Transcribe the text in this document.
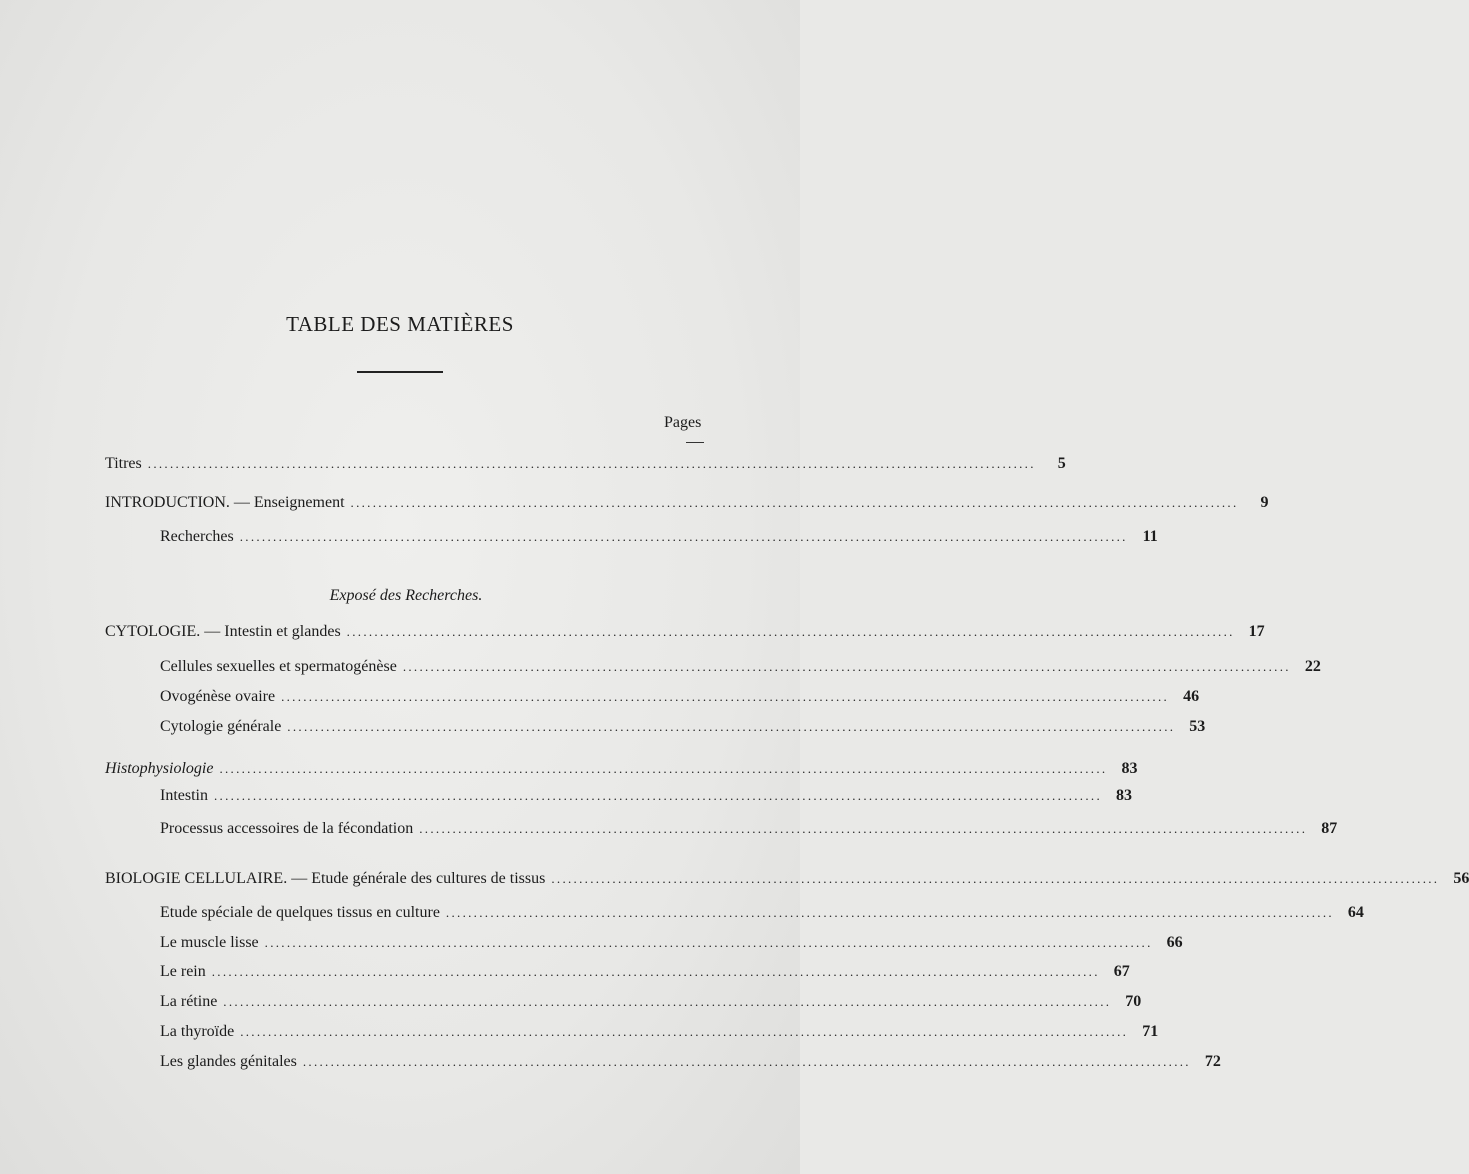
TABLE DES MATIÈRES
Pages
Exposé des Recherches.
Titres ................................................................................................................................................................	5
INTRODUCTION. — Enseignement ................................................................................................................................................................	9
Recherches ................................................................................................................................................................ 11
CYTOLOGIE. — Intestin et glandes ................................................................................................................................................................ 17
Cellules sexuelles et spermatogénèse ................................................................................................................................................................ 22
Ovogénèse ovaire ................................................................................................................................................................ 46
Cytologie générale ................................................................................................................................................................ 53
Histophysiologie ................................................................................................................................................................ 83
Intestin ................................................................................................................................................................ 83
Processus accessoires de la fécondation ................................................................................................................................................................ 87
BIOLOGIE CELLULAIRE. — Etude générale des cultures de tissus ................................................................................................................................................................ 56
Etude spéciale de quelques tissus en culture ................................................................................................................................................................ 64
Le muscle lisse ................................................................................................................................................................ 66
Le rein ................................................................................................................................................................ 67
La rétine ................................................................................................................................................................ 70
La thyroïde ................................................................................................................................................................ 71
Les glandes génitales ................................................................................................................................................................ 72
